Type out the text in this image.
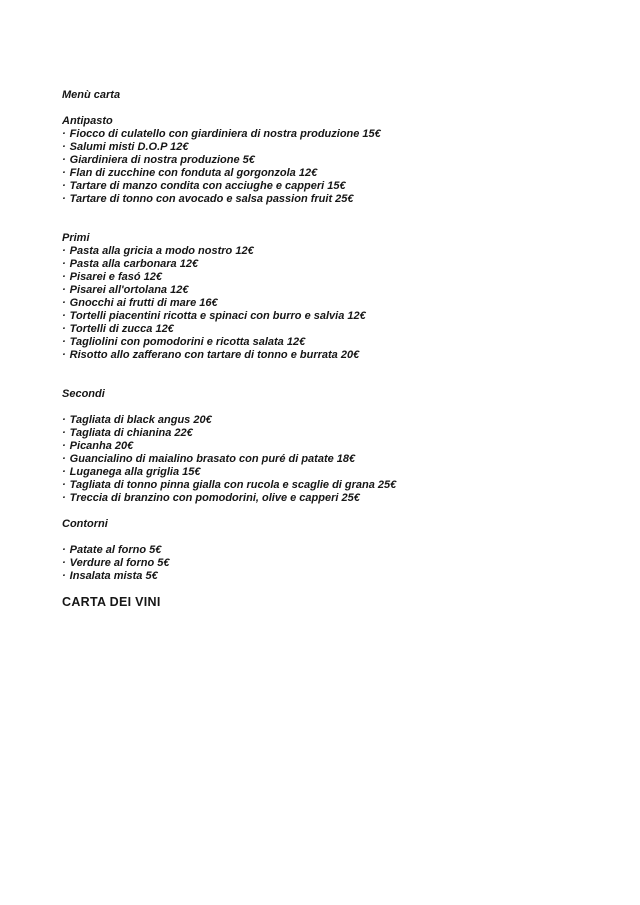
Menù carta
Antipasto
· Fiocco di culatello con giardiniera di nostra produzione 15€
· Salumi misti D.O.P 12€
· Giardiniera di nostra produzione 5€
· Flan di zucchine con fonduta al gorgonzola 12€
· Tartare di manzo condita con acciughe e capperi 15€
· Tartare di tonno con avocado e salsa passion fruit 25€
Primi
· Pasta alla gricia a modo nostro 12€
· Pasta alla carbonara 12€
· Pisarei e fasó 12€
· Pisarei all'ortolana 12€
· Gnocchi ai frutti di mare 16€
· Tortelli piacentini ricotta e spinaci con burro e salvia 12€
· Tortelli di zucca 12€
· Tagliolini con pomodorini e ricotta salata 12€
· Risotto allo zafferano con tartare di tonno e burrata 20€
Secondi
· Tagliata di black angus 20€
· Tagliata di chianina 22€
· Picanha 20€
· Guancialino di maialino brasato con puré di patate 18€
· Luganega alla griglia 15€
· Tagliata di tonno pinna gialla con rucola e scaglie di grana 25€
· Treccia di branzino con pomodorini, olive e capperi 25€
Contorni
· Patate al forno 5€
· Verdure al forno 5€
· Insalata mista 5€
CARTA DEI VINI
